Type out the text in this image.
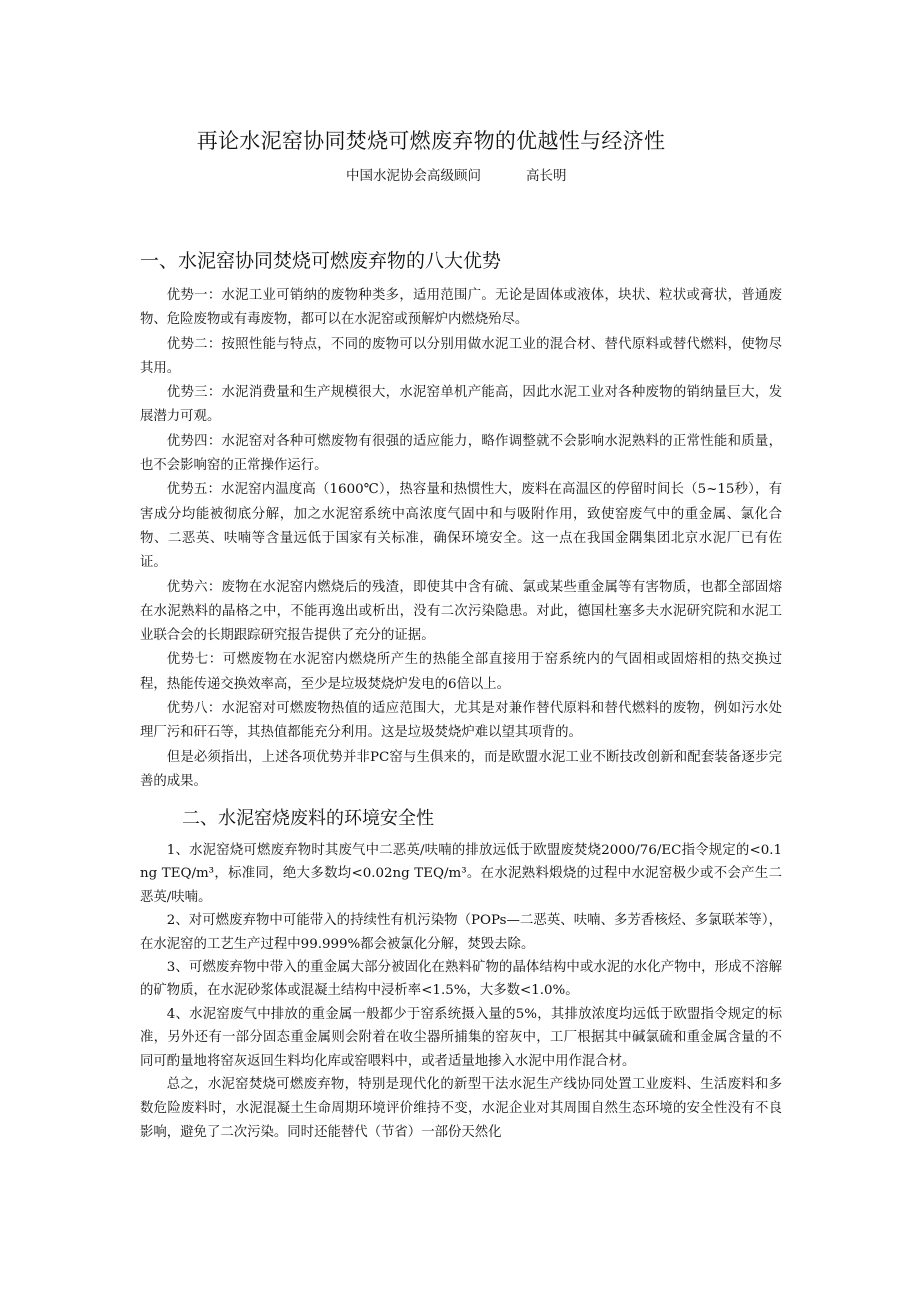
再论水泥窑协同焚烧可燃废弃物的优越性与经济性
中国水泥协会高级顾问	高长明
一、水泥窑协同焚烧可燃废弃物的八大优势

优势一：水泥工业可销纳的废物种类多，适用范围广。无论是固体或液体，块状、粒状或膏状，普通废物、危险废物或有毒废物，都可以在水泥窑或预解炉内燃烧殆尽。

优势二：按照性能与特点，不同的废物可以分别用做水泥工业的混合材、替代原料或替代燃料，使物尽其用。

优势三：水泥消费量和生产规模很大，水泥窑单机产能高，因此水泥工业对各种废物的销纳量巨大，发展潜力可观。

优势四：水泥窑对各种可燃废物有很强的适应能力，略作调整就不会影响水泥熟料的正常性能和质量，也不会影响窑的正常操作运行。

优势五：水泥窑内温度高（1600℃），热容量和热惯性大，废料在高温区的停留时间长（5~15秒），有害成分均能被彻底分解，加之水泥窑系统中高浓度气固中和与吸附作用，致使窑废气中的重金属、氯化合物、二恶英、呋喃等含量远低于国家有关标准，确保环境安全。这一点在我国金隅集团北京水泥厂已有佐证。

优势六：废物在水泥窑内燃烧后的残渣，即使其中含有硫、氯或某些重金属等有害物质，也都全部固熔在水泥熟料的晶格之中，不能再逸出或析出，没有二次污染隐患。对此，德国杜塞多夫水泥研究院和水泥工业联合会的长期跟踪研究报告提供了充分的证据。

优势七：可燃废物在水泥窑内燃烧所产生的热能全部直接用于窑系统内的气固相或固熔相的热交换过程，热能传递交换效率高，至少是垃圾焚烧炉发电的6倍以上。

优势八：水泥窑对可燃废物热值的适应范围大，尤其是对兼作替代原料和替代燃料的废物，例如污水处理厂污和矸石等，其热值都能充分利用。这是垃圾焚烧炉难以望其项背的。

但是必须指出，上述各项优势并非PC窑与生俱来的，而是欧盟水泥工业不断技改创新和配套装备逐步完善的成果。

二、水泥窑烧废料的环境安全性

1、水泥窑烧可燃废弃物时其废气中二恶英/呋喃的排放远低于欧盟废焚烧2000/76/EC指令规定的<0.1ng TEQ/m³，标准同，绝大多数均<0.02ng TEQ/m³。在水泥熟料煅烧的过程中水泥窑极少或不会产生二恶英/呋喃。

2、对可燃废弃物中可能带入的持续性有机污染物（POPs—二恶英、呋喃、多芳香核烃、多氯联苯等），在水泥窑的工艺生产过程中99.999%都会被氯化分解，焚毁去除。

3、可燃废弃物中带入的重金属大部分被固化在熟料矿物的晶体结构中或水泥的水化产物中，形成不溶解的矿物质，在水泥砂浆体或混凝土结构中浸析率<1.5%，大多数<1.0%。

4、水泥窑废气中排放的重金属一般都少于窑系统摄入量的5%，其排放浓度均远低于欧盟指令规定的标准，另外还有一部分固态重金属则会附着在收尘器所捕集的窑灰中，工厂根据其中碱氯硫和重金属含量的不同可酌量地将窑灰返回生料均化库或窑喂料中，或者适量地掺入水泥中用作混合材。

总之，水泥窑焚烧可燃废弃物，特别是现代化的新型干法水泥生产线协同处置工业废料、生活废料和多数危险废料时，水泥混凝土生命周期环境评价维持不变，水泥企业对其周围自然生态环境的安全性没有不良影响，避免了二次污染。同时还能替代（节省）一部份天然化
